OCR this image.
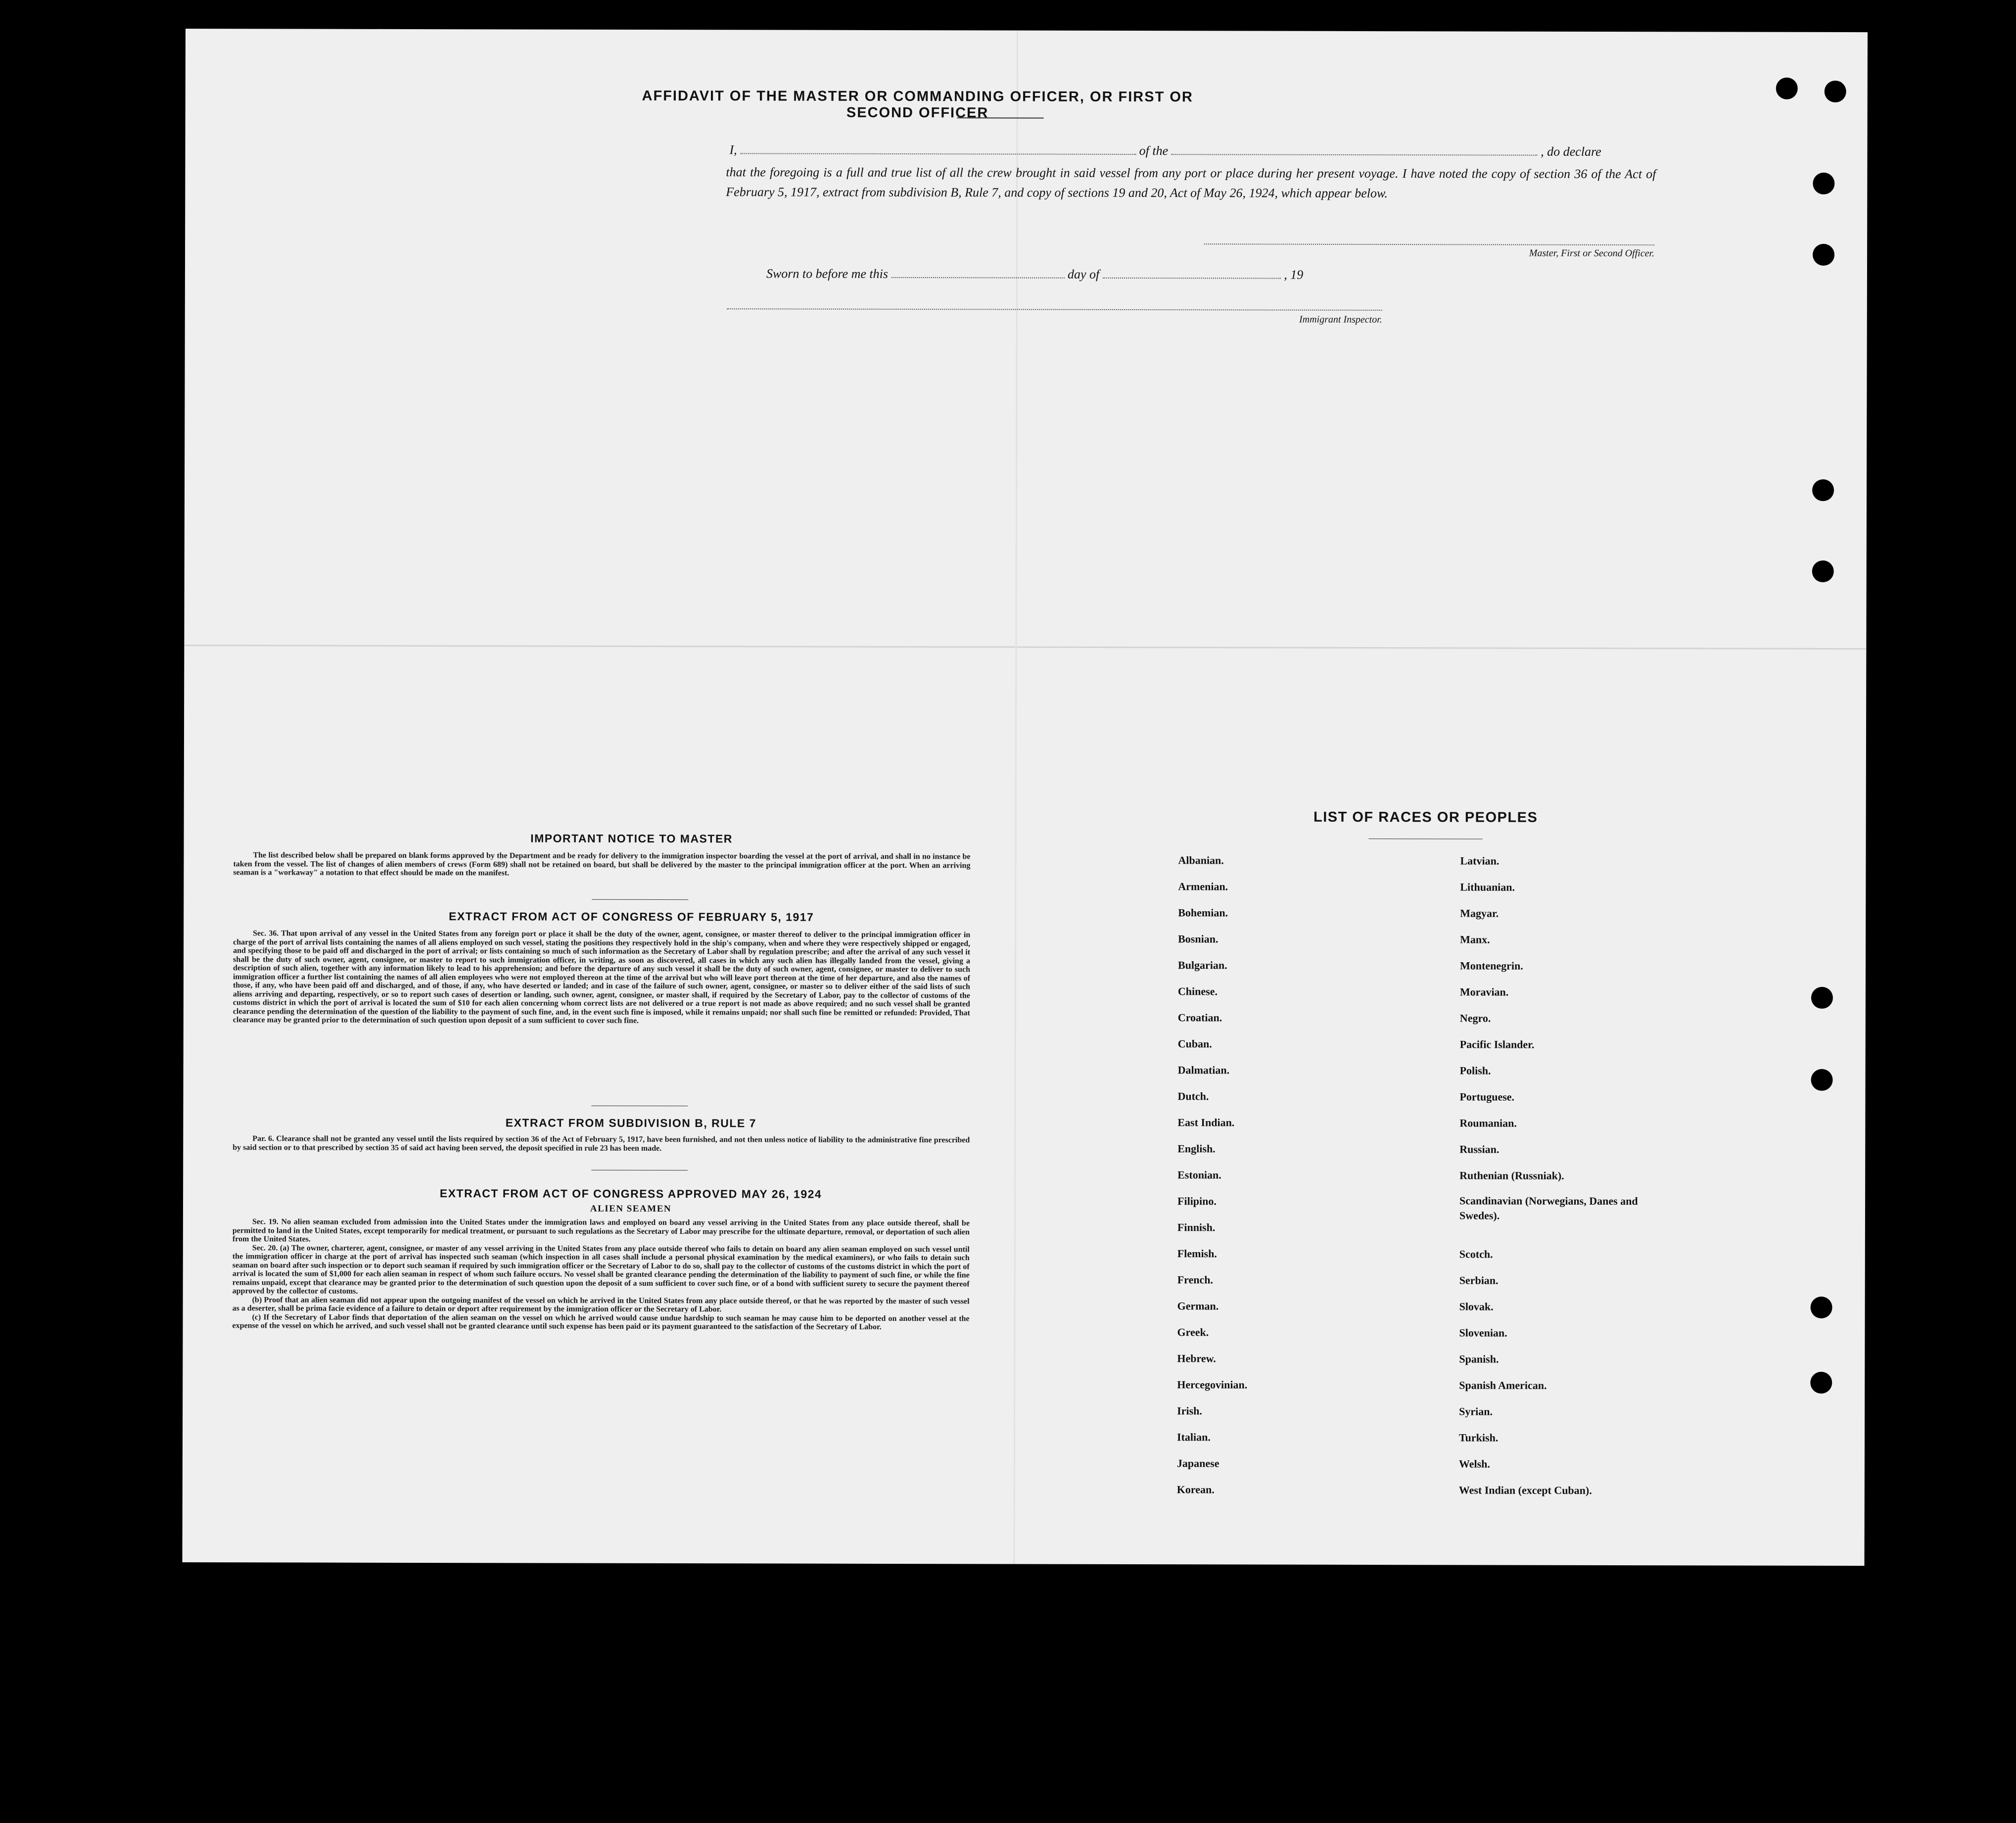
AFFIDAVIT OF THE MASTER OR COMMANDING OFFICER, OR FIRST OR SECOND OFFICER
I,	of the	, do declare
that the foregoing is a full and true list of all the crew brought in said vessel from any port or place during her present voyage. I have noted the copy of section 36 of the Act of February 5, 1917, extract from subdivision B, Rule 7, and copy of sections 19 and 20, Act of May 26, 1924, which appear below.
Master, First or Second Officer.
Sworn to before me this	day of	, 19
Immigrant Inspector.
IMPORTANT NOTICE TO MASTER
The list described below shall be prepared on blank forms approved by the Department and be ready for delivery to the immigration inspector boarding the vessel at the port of arrival, and shall in no instance be taken from the vessel. The list of changes of alien members of crews (Form 689) shall not be retained on board, but shall be delivered by the master to the principal immigration officer at the port. When an arriving seaman is a "workaway" a notation to that effect should be made on the manifest.
EXTRACT FROM ACT OF CONGRESS OF FEBRUARY 5, 1917
Sec. 36. That upon arrival of any vessel in the United States from any foreign port or place it shall be the duty of the owner, agent, consignee, or master thereof to deliver to the principal immigration officer in charge of the port of arrival lists containing the names of all aliens employed on such vessel, stating the positions they respectively hold in the ship's company, when and where they were respectively shipped or engaged, and specifying those to be paid off and discharged in the port of arrival; or lists containing so much of such information as the Secretary of Labor shall by regulation prescribe; and after the arrival of any such vessel it shall be the duty of such owner, agent, consignee, or master to report to such immigration officer, in writing, as soon as discovered, all cases in which any such alien has illegally landed from the vessel, giving a description of such alien, together with any information likely to lead to his apprehension; and before the departure of any such vessel it shall be the duty of such owner, agent, consignee, or master to deliver to such immigration officer a further list containing the names of all alien employees who were not employed thereon at the time of the arrival but who will leave port thereon at the time of her departure, and also the names of those, if any, who have been paid off and discharged, and of those, if any, who have deserted or landed; and in case of the failure of such owner, agent, consignee, or master so to deliver either of the said lists of such aliens arriving and departing, respectively, or so to report such cases of desertion or landing, such owner, agent, consignee, or master shall, if required by the Secretary of Labor, pay to the collector of customs of the customs district in which the port of arrival is located the sum of $10 for each alien concerning whom correct lists are not delivered or a true report is not made as above required; and no such vessel shall be granted clearance pending the determination of the question of the liability to the payment of such fine, and, in the event such fine is imposed, while it remains unpaid; nor shall such fine be remitted or refunded: Provided, That clearance may be granted prior to the determination of such question upon deposit of a sum sufficient to cover such fine.
EXTRACT FROM SUBDIVISION B, RULE 7
Par. 6. Clearance shall not be granted any vessel until the lists required by section 36 of the Act of February 5, 1917, have been furnished, and not then unless notice of liability to the administrative fine prescribed by said section or to that prescribed by section 35 of said act having been served, the deposit specified in rule 23 has been made.
EXTRACT FROM ACT OF CONGRESS APPROVED MAY 26, 1924
ALIEN SEAMEN
Sec. 19. No alien seaman excluded from admission into the United States under the immigration laws and employed on board any vessel arriving in the United States from any place outside thereof, shall be permitted to land in the United States, except temporarily for medical treatment, or pursuant to such regulations as the Secretary of Labor may prescribe for the ultimate departure, removal, or deportation of such alien from the United States.
Sec. 20. (a) The owner, charterer, agent, consignee, or master of any vessel arriving in the United States from any place outside thereof who fails to detain on board any alien seaman employed on such vessel until the immigration officer in charge at the port of arrival has inspected such seaman (which inspection in all cases shall include a personal physical examination by the medical examiners), or who fails to detain such seaman on board after such inspection or to deport such seaman if required by such immigration officer or the Secretary of Labor to do so, shall pay to the collector of customs of the customs district in which the port of arrival is located the sum of $1,000 for each alien seaman in respect of whom such failure occurs. No vessel shall be granted clearance pending the determination of the liability to payment of such fine, or while the fine remains unpaid, except that clearance may be granted prior to the determination of such question upon the deposit of a sum sufficient to cover such fine, or of a bond with sufficient surety to secure the payment thereof approved by the collector of customs.
(b) Proof that an alien seaman did not appear upon the outgoing manifest of the vessel on which he arrived in the United States from any place outside thereof, or that he was reported by the master of such vessel as a deserter, shall be prima facie evidence of a failure to detain or deport after requirement by the immigration officer or the Secretary of Labor.
(c) If the Secretary of Labor finds that deportation of the alien seaman on the vessel on which he arrived would cause undue hardship to such seaman he may cause him to be deported on another vessel at the expense of the vessel on which he arrived, and such vessel shall not be granted clearance until such expense has been paid or its payment guaranteed to the satisfaction of the Secretary of Labor.
LIST OF RACES OR PEOPLES
Albanian.
Armenian.
Bohemian.
Bosnian.
Bulgarian.
Chinese.
Croatian.
Cuban.
Dalmatian.
Dutch.
East Indian.
English.
Estonian.
Filipino.
Finnish.
Flemish.
French.
German.
Greek.
Hebrew.
Hercegovinian.
Irish.
Italian.
Japanese
Korean.
Latvian.
Lithuanian.
Magyar.
Manx.
Montenegrin.
Moravian.
Negro.
Pacific Islander.
Polish.
Portuguese.
Roumanian.
Russian.
Ruthenian (Russniak).
Scandinavian (Norwegians, Danes and Swedes).
Scotch.
Serbian.
Slovak.
Slovenian.
Spanish.
Spanish American.
Syrian.
Turkish.
Welsh.
West Indian (except Cuban).
